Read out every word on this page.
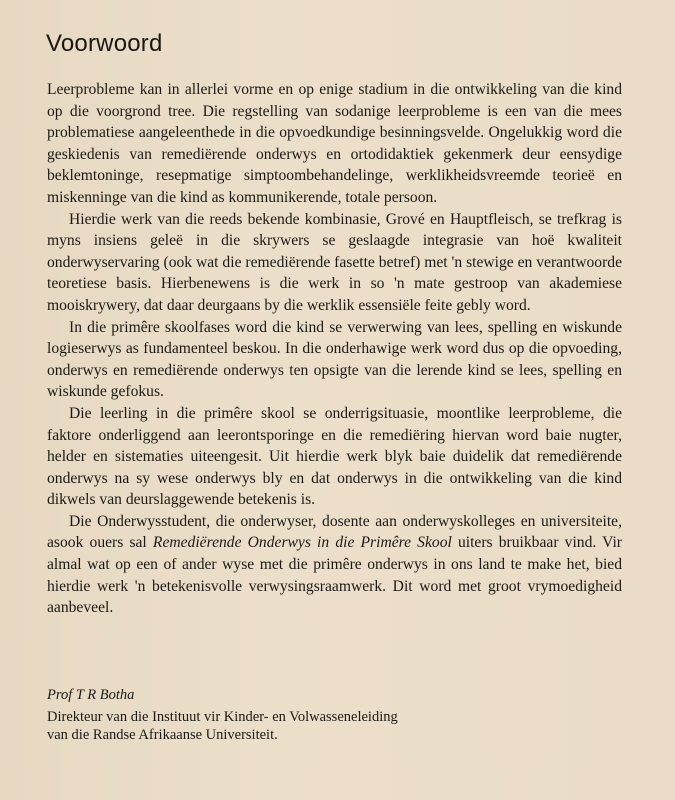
Voorwoord

Leerprobleme kan in allerlei vorme en op enige stadium in die ontwikkeling van die kind op die voorgrond tree. Die regstelling van sodanige leerprobleme is een van die mees problematiese aangeleenthede in die opvoedkundige besinningsvelde. Ongelukkig word die geskiedenis van remediërende onderwys en ortodidaktiek gekenmerk deur eensydige beklemtoninge, resepmatige simptoombehandelinge, werklikheidsvreemde teorieë en miskenninge van die kind as kommunikerende, totale persoon.

Hierdie werk van die reeds bekende kombinasie, Grové en Hauptfleisch, se trefkrag is myns insiens geleë in die skrywers se geslaagde integrasie van hoë kwaliteit onderwyservaring (ook wat die remediërende fasette betref) met 'n stewige en verantwoorde teoretiese basis. Hierbenewens is die werk in so 'n mate gestroop van akademiese mooiskrywery, dat daar deurgaans by die werklik essensiële feite gebly word.

In die primêre skoolfases word die kind se verwerwing van lees, spelling en wiskunde logieserwys as fundamenteel beskou. In die onderhawige werk word dus op die opvoeding, onderwys en remediërende onderwys ten opsigte van die lerende kind se lees, spelling en wiskunde gefokus.

Die leerling in die primêre skool se onderrigsituasie, moontlike leerprobleme, die faktore onderliggend aan leerontsporinge en die remediëring hiervan word baie nugter, helder en sistematies uiteengesit. Uit hierdie werk blyk baie duidelik dat remediërende onderwys na sy wese onderwys bly en dat onderwys in die ontwikkeling van die kind dikwels van deurslaggewende betekenis is.

Die Onderwysstudent, die onderwyser, dosente aan onderwyskolleges en universiteite, asook ouers sal Remediërende Onderwys in die Primêre Skool uiters bruikbaar vind. Vir almal wat op een of ander wyse met die primêre onderwys in ons land te make het, bied hierdie werk 'n betekenisvolle verwysingsraamwerk. Dit word met groot vrymoedigheid aanbeveel.

Prof T R Botha
Direkteur van die Instituut vir Kinder- en Volwasseneleiding
van die Randse Afrikaanse Universiteit.
